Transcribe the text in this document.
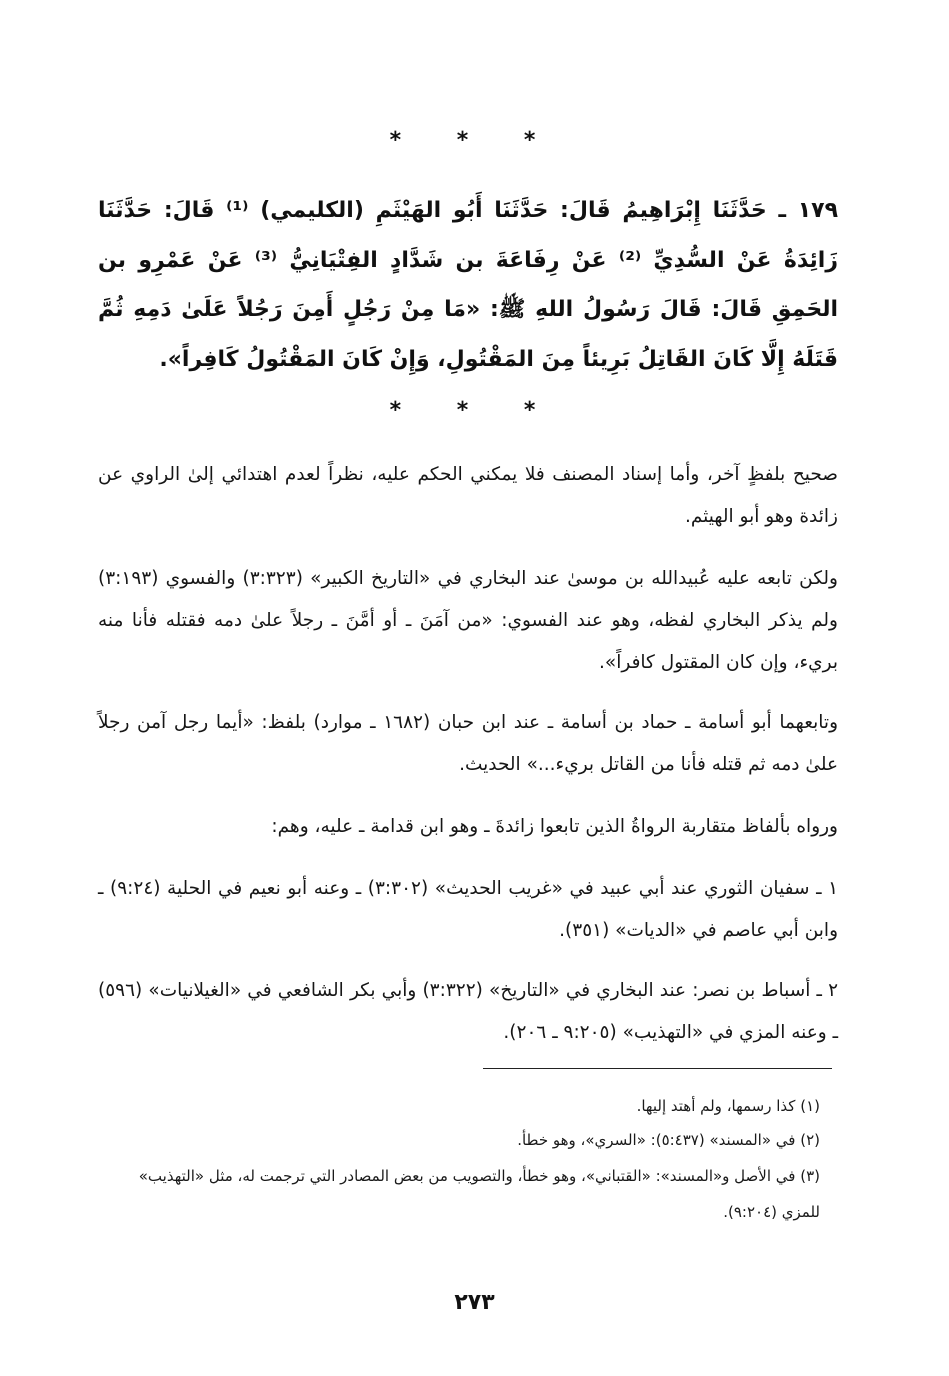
* * *
١٧٩ ـ حَدَّثَنَا إِبْرَاهِيمُ قَالَ: حَدَّثَنَا أَبُو الهَيْثَمِ (الكليمي) ⁽¹⁾ قَالَ: حَدَّثَنَا زَائِدَةُ عَنْ السُّدِيِّ ⁽²⁾ عَنْ رِفَاعَةَ بن شَدَّادٍ الفِتْيَانِيُّ ⁽³⁾ عَنْ عَمْرِو بن الحَمِقِ قَالَ: قَالَ رَسُولُ اللهِ ﷺ: «مَا مِنْ رَجُلٍ أَمِنَ رَجُلاً عَلَىٰ دَمِهِ ثُمَّ قَتَلَهُ إِلَّا كَانَ القَاتِلُ بَرِيئاً مِنَ المَقْتُولِ، وَإِنْ كَانَ المَقْتُولُ كَافِراً».
* * *
صحيح بلفظٍ آخر، وأما إسناد المصنف فلا يمكني الحكم عليه، نظراً لعدم اهتدائي إلىٰ الراوي عن زائدة وهو أبو الهيثم.
ولكن تابعه عليه عُبيدالله بن موسىٰ عند البخاري في «التاريخ الكبير» (٣:٣٢٣) والفسوي (٣:١٩٣) ولم يذكر البخاري لفظه، وهو عند الفسوي: «من آمَنَ ـ أو أمَّنَ ـ رجلاً علىٰ دمه فقتله فأنا منه بريء، وإن كان المقتول كافراً».
وتابعهما أبو أسامة ـ حماد بن أسامة ـ عند ابن حبان (١٦٨٢ ـ موارد) بلفظ: «أيما رجل آمن رجلاً علىٰ دمه ثم قتله فأنا من القاتل بريء...» الحديث.
ورواه بألفاظ متقاربة الرواةُ الذين تابعوا زائدةَ ـ وهو ابن قدامة ـ عليه، وهم:
١ ـ سفيان الثوري عند أبي عبيد في «غريب الحديث» (٣:٣٠٢) ـ وعنه أبو نعيم في الحلية (٩:٢٤) ـ وابن أبي عاصم في «الديات» (٣٥١).
٢ ـ أسباط بن نصر: عند البخاري في «التاريخ» (٣:٣٢٢) وأبي بكر الشافعي في «الغيلانيات» (٥٩٦) ـ وعنه المزي في «التهذيب» (٩:٢٠٥ ـ ٢٠٦).
(١) كذا رسمها، ولم أهتد إليها.
(٢) في «المسند» (٥:٤٣٧): «السري»، وهو خطأ.
(٣) في الأصل و«المسند»: «القتباني»، وهو خطأ، والتصويب من بعض المصادر التي ترجمت له، مثل «التهذيب» للمزي (٩:٢٠٤).
٢٧٣
